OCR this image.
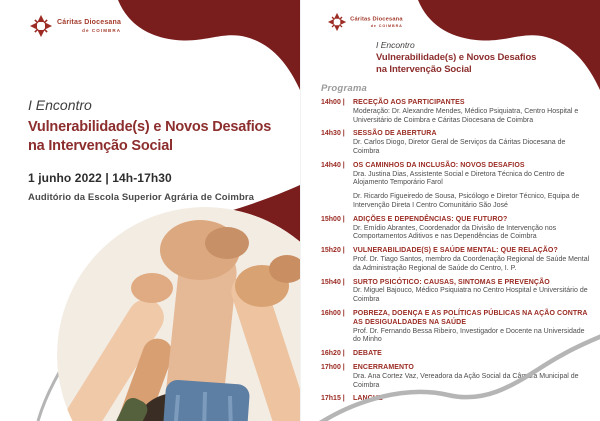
Cáritas Diocesana
de COIMBRA

I Encontro

Vulnerabilidade(s) e Novos Desafios
na Intervenção Social
1 junho 2022 | 14h-17h30
Auditório da Escola Superior Agrária de Coimbra
Cáritas Diocesana
de COIMBRA

I Encontro

Vulnerabilidade(s) e Novos Desafios
na Intervenção Social
Programa
14h00 |	RECEÇÃO AOS PARTICIPANTES

Moderação: Dr. Alexandre Mendes, Médico Psiquiatra, Centro Hospital e Universitário de Coimbra e Cáritas Diocesana de Coimbra

14h30 |	SESSÃO DE ABERTURA

Dr. Carlos Diogo, Diretor Geral de Serviços da Cáritas Diocesana de Coimbra

14h40 |	OS CAMINHOS DA INCLUSÃO: NOVOS DESAFIOS

Dra. Justina Dias, Assistente Social e Diretora Técnica do Centro de Alojamento Temporário Farol

Dr. Ricardo Figueiredo de Sousa, Psicólogo e Diretor Técnico, Equipa de Intervenção Direta I Centro Comunitário São José

15h00 |	ADIÇÕES E DEPENDÊNCIAS: QUE FUTURO?

Dr. Emídio Abrantes, Coordenador da Divisão de Intervenção nos Comportamentos Aditivos e nas Dependências de Coimbra

15h20 |	VULNERABILIDADE(S) E SAÚDE MENTAL: QUE RELAÇÃO?

Prof. Dr. Tiago Santos, membro da Coordenação Regional de Saúde Mental da Administração Regional de Saúde do Centro, I. P.

15h40 |	SURTO PSICÓTICO: CAUSAS, SINTOMAS E PREVENÇÃO

Dr. Miguel Bajouco, Médico Psiquiatra no Centro Hospital e Universitário de Coimbra

16h00 |	POBREZA, DOENÇA E AS POLÍTICAS PÚBLICAS NA AÇÃO CONTRA AS DESIGUALDADES NA SAÚDE

Prof. Dr. Fernando Bessa Ribeiro, Investigador e Docente na Universidade do Minho

16h20 |	DEBATE
17h00 |	ENCERRAMENTO

Dra. Ana Cortez Vaz, Vereadora da Ação Social da Câmara Municipal de Coimbra

17h15 |	LANCHE
